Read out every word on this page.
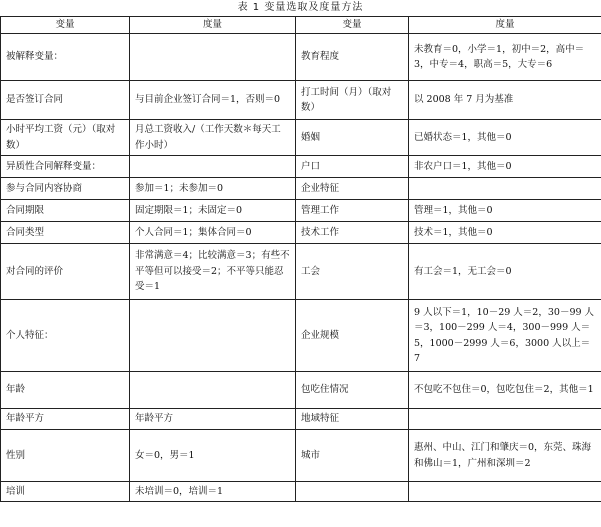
表 1 变量选取及度量方法
变量	度量	变量	度量
被解释变量：		教育程度	未教育＝0，小学＝1，初中＝2，高中＝3，中专＝4，职高＝5，大专＝6
是否签订合同	与目前企业签订合同＝1，否则＝0	打工时间（月）（取对数）	以 2008 年 7 月为基准
小时平均工资（元）（取对数）	月总工资收入/（工作天数＊每天工作小时）	婚姻	已婚状态＝1，其他＝0
异质性合同解释变量：		户口	非农户口＝1，其他＝0
参与合同内容协商	参加＝1；未参加＝0	企业特征	
合同期限	固定期限＝1；未固定＝0	管理工作	管理＝1，其他＝0
合同类型	个人合同＝1；集体合同＝0	技术工作	技术＝1，其他＝0
对合同的评价	非常满意＝4；比较满意＝3；有些不平等但可以接受＝2；不平等只能忍受＝1	工会	有工会＝1，无工会＝0
个人特征：		企业规模	9 人以下＝1，10－29 人＝2，30－99 人＝3，100－299 人＝4，300－999 人＝5，1000－2999 人＝6，3000 人以上＝7
年龄		包吃住情况	不包吃不包住＝0，包吃包住＝2，其他＝1
年龄平方	年龄平方	地域特征	
性别	女＝0，男＝1	城市	惠州、中山、江门和肇庆＝0，东莞、珠海和佛山＝1，广州和深圳＝2
培训	未培训＝0，培训＝1		
